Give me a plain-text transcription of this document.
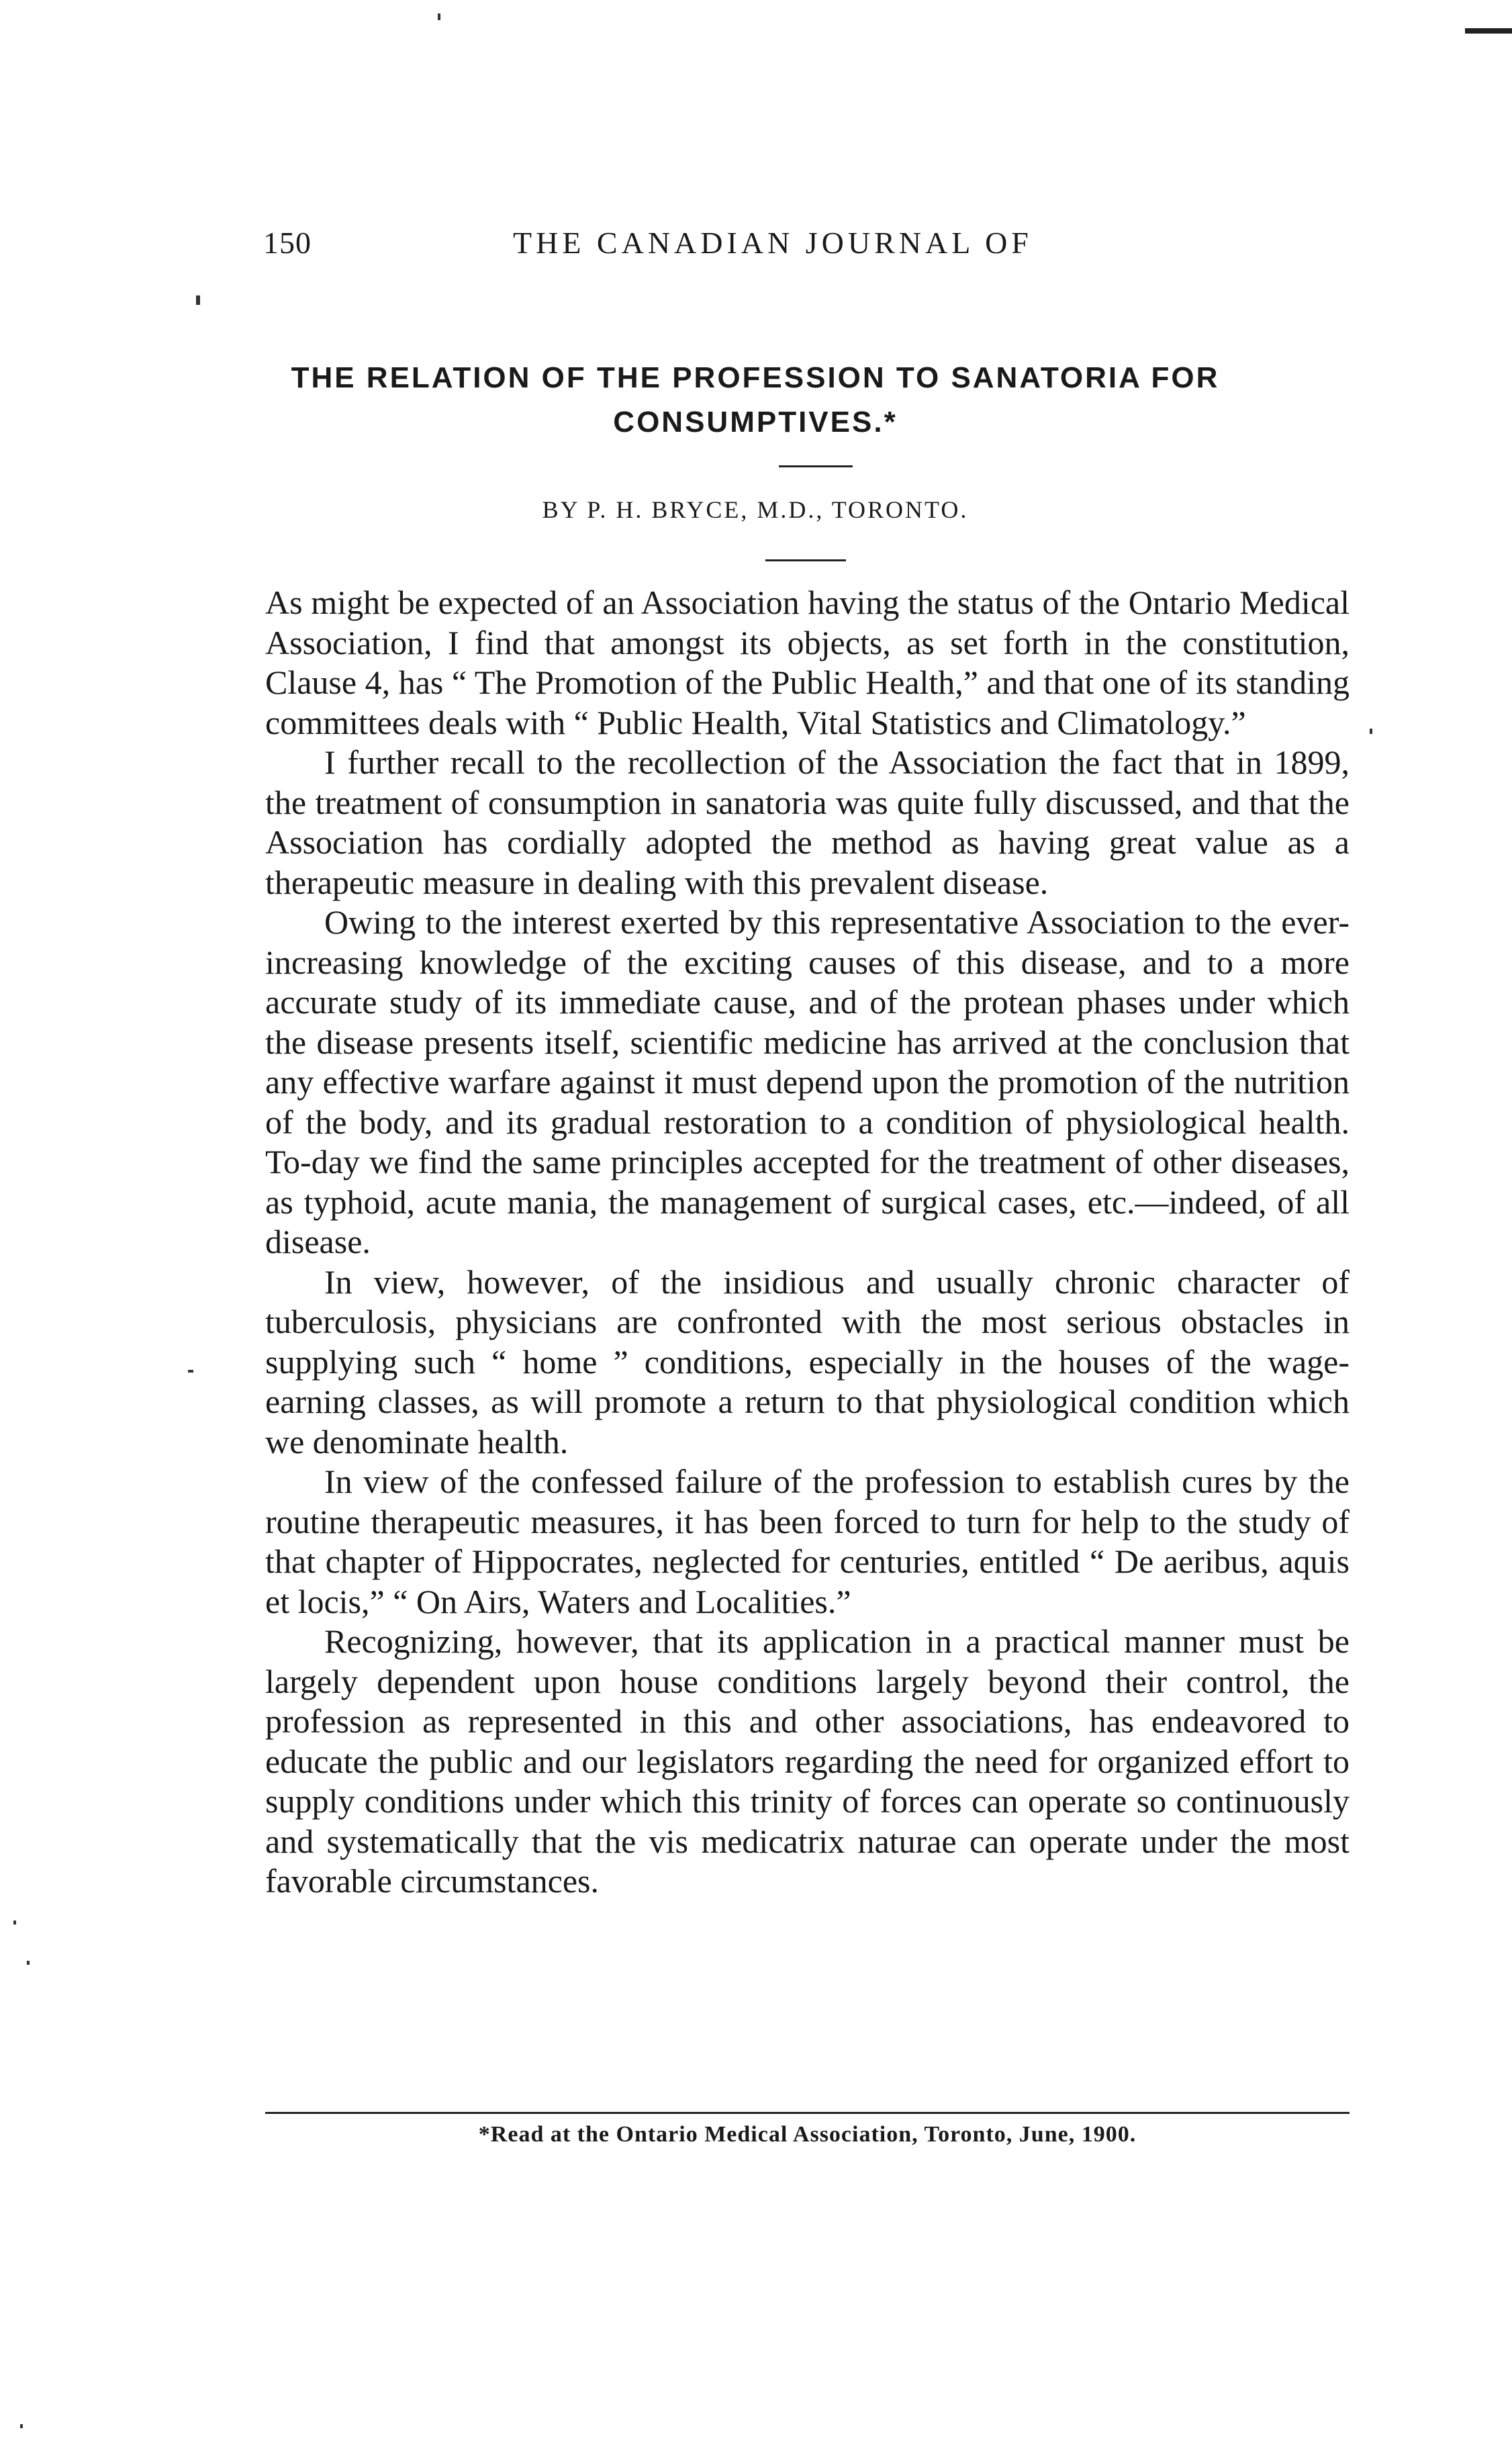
150	THE CANADIAN JOURNAL OF
THE RELATION OF THE PROFESSION TO SANATORIA FOR CONSUMPTIVES.*
BY P. H. BRYCE, M.D., TORONTO.

As might be expected of an Association having the status of the Ontario Medical Association, I find that amongst its objects, as set forth in the constitution, Clause 4, has “ The Promotion of the Public Health,” and that one of its standing committees deals with “ Public Health, Vital Statistics and Climatology.”

I further recall to the recollection of the Association the fact that in 1899, the treatment of consumption in sanatoria was quite fully discussed, and that the Association has cordially adopted the method as having great value as a therapeutic measure in dealing with this prevalent disease.

Owing to the interest exerted by this representative Association to the ever-increasing knowledge of the exciting causes of this disease, and to a more accurate study of its immediate cause, and of the protean phases under which the disease presents itself, scientific medicine has arrived at the conclusion that any effective warfare against it must depend upon the promotion of the nutrition of the body, and its gradual restoration to a condition of physiological health. To-day we find the same principles accepted for the treatment of other diseases, as typhoid, acute mania, the management of surgical cases, etc.—indeed, of all disease.

In view, however, of the insidious and usually chronic character of tuberculosis, physicians are confronted with the most serious obstacles in supplying such “ home ” conditions, especially in the houses of the wage-earning classes, as will promote a return to that physiological condition which we denominate health.

In view of the confessed failure of the profession to establish cures by the routine therapeutic measures, it has been forced to turn for help to the study of that chapter of Hippocrates, neglected for centuries, entitled “ De aeribus, aquis et locis,” “ On Airs, Waters and Localities.”

Recognizing, however, that its application in a practical manner must be largely dependent upon house conditions largely beyond their control, the profession as represented in this and other associations, has endeavored to educate the public and our legislators regarding the need for organized effort to supply conditions under which this trinity of forces can operate so continuously and systematically that the vis medicatrix naturae can operate under the most favorable circumstances.

*Read at the Ontario Medical Association, Toronto, June, 1900.
